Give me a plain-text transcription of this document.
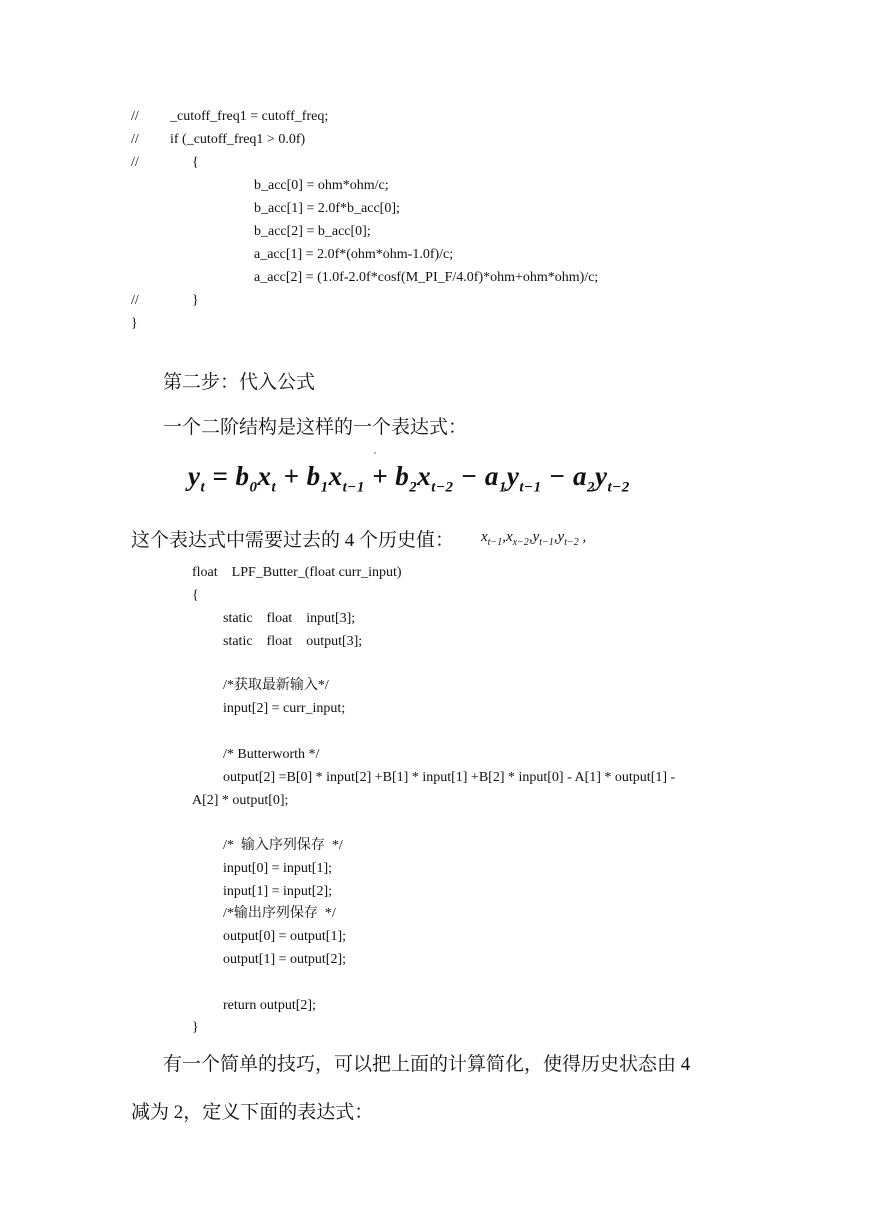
// _cutoff_freq1 = cutoff_freq;
// if (_cutoff_freq1 > 0.0f)
//	{
b_acc[0] = ohm*ohm/c;
b_acc[1] = 2.0f*b_acc[0];
b_acc[2] = b_acc[0];
a_acc[1] = 2.0f*(ohm*ohm-1.0f)/c;
a_acc[2] = (1.0f-2.0f*cosf(M_PI_F/4.0f)*ohm+ohm*ohm)/c;
//	}
}
第二步：代入公式
一个二阶结构是这样的一个表达式：
$y_t = b_0x_t + b_1x_{t-1} + b_2x_{t-2} - a_1y_{t-1} - a_2y_{t-2}$
这个表达式中需要过去的 4 个历史值： $x_{t-1},x_{x-2},y_{t-1},y_{t-2}$ ,
float    LPF_Butter_(float curr_input)
{
static    float    input[3];
static    float    output[3];
/*获取最新输入*/
input[2] = curr_input;
/* Butterworth */
output[2] =B[0] * input[2] +B[1] * input[1] +B[2] * input[0] - A[1] * output[1] -
A[2] * output[0];
/*  输入序列保存  */
input[0] = input[1];
input[1] = input[2];
/*输出序列保存  */
output[0] = output[1];
output[1] = output[2];
return output[2];
}
有一个简单的技巧，可以把上面的计算简化，使得历史状态由 4
减为 2，定义下面的表达式：
